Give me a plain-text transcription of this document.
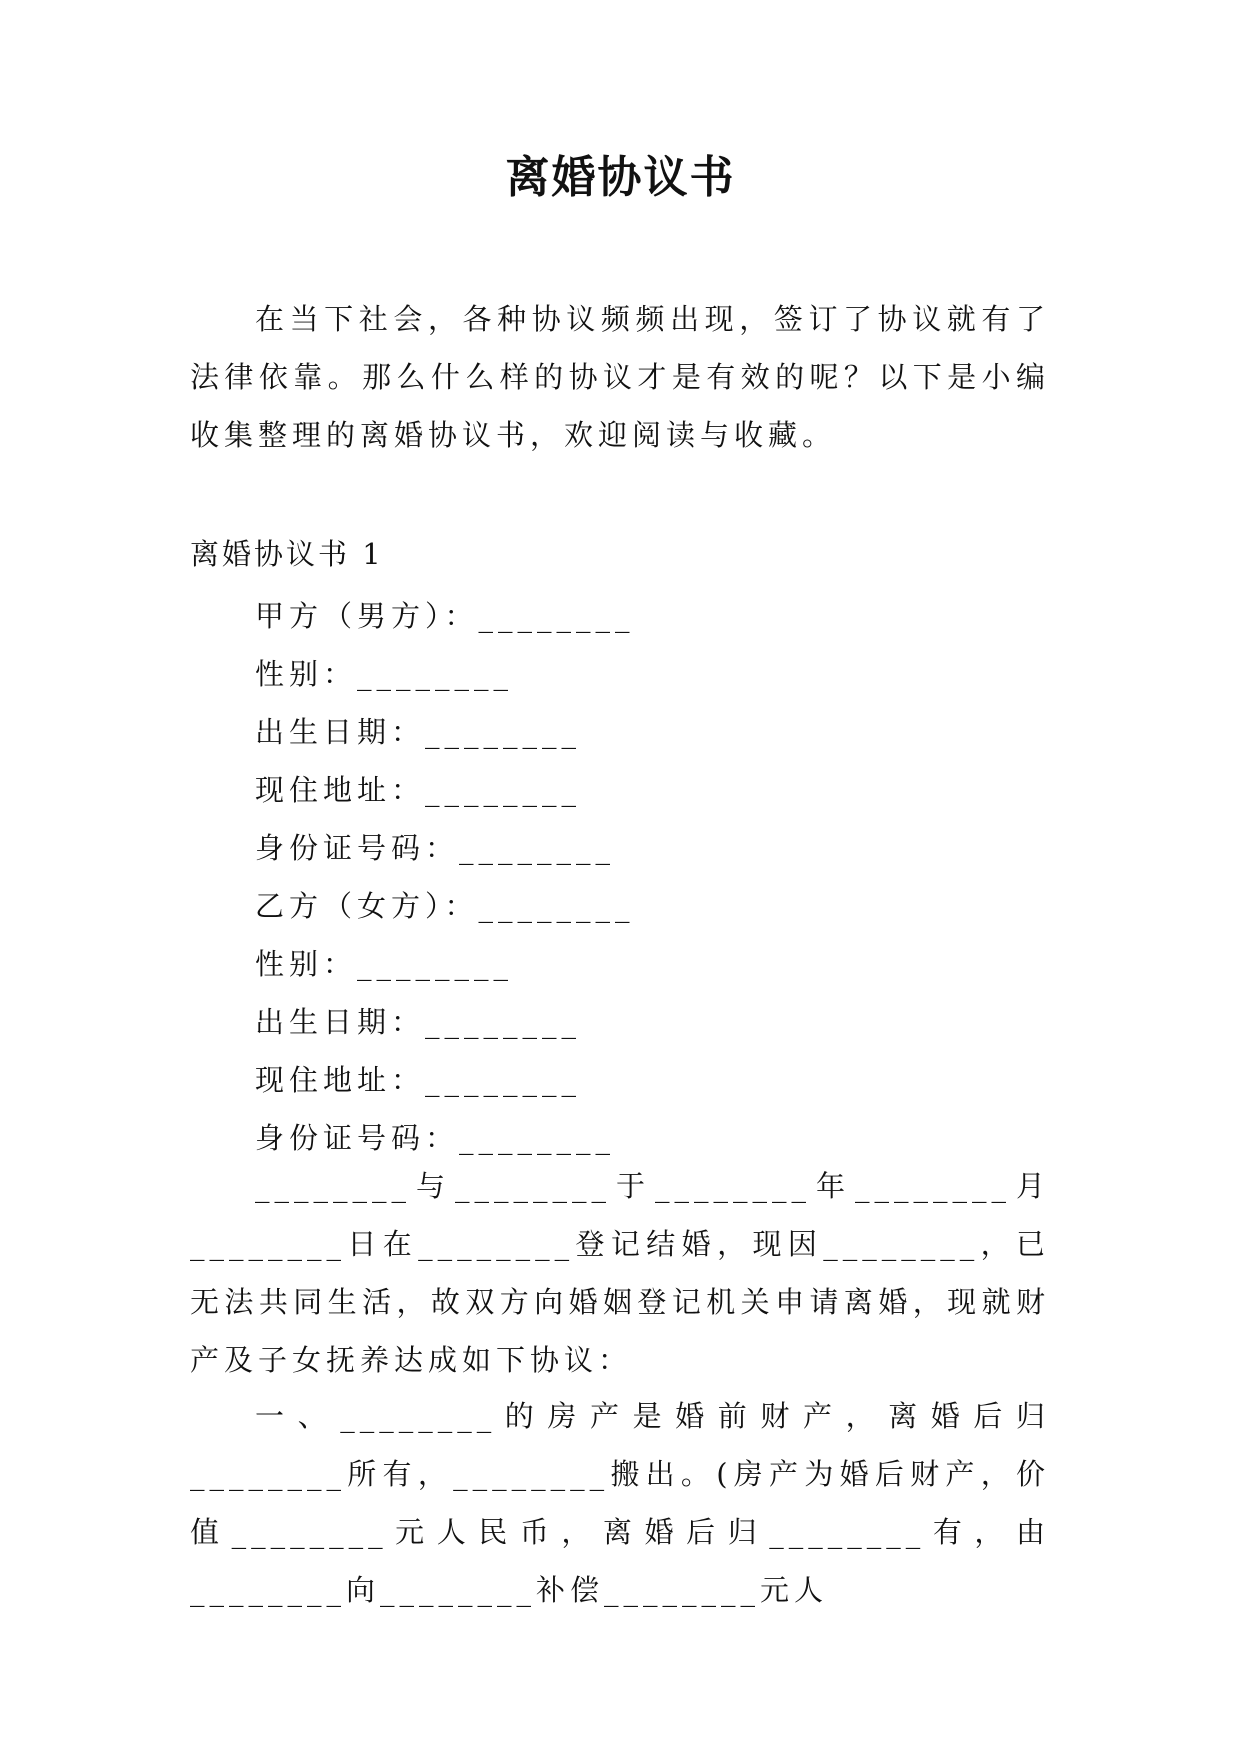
离婚协议书

在当下社会，各种协议频频出现，签订了协议就有了法律依靠。那么什么样的协议才是有效的呢？以下是小编收集整理的离婚协议书，欢迎阅读与收藏。

离婚协议书 1

甲方（男方）：________

性别：________

出生日期：________

现住地址：________

身份证号码：________

乙方（女方）：________

性别：________

出生日期：________

现住地址：________

身份证号码：________

________与________于________年________月________日在________登记结婚，现因________，已无法共同生活，故双方向婚姻登记机关申请离婚，现就财产及子女抚养达成如下协议：

一、________的房产是婚前财产，离婚后归________所有，________搬出。(房产为婚后财产，价值________元人民币，离婚后归________有，由________向________补偿________元人
